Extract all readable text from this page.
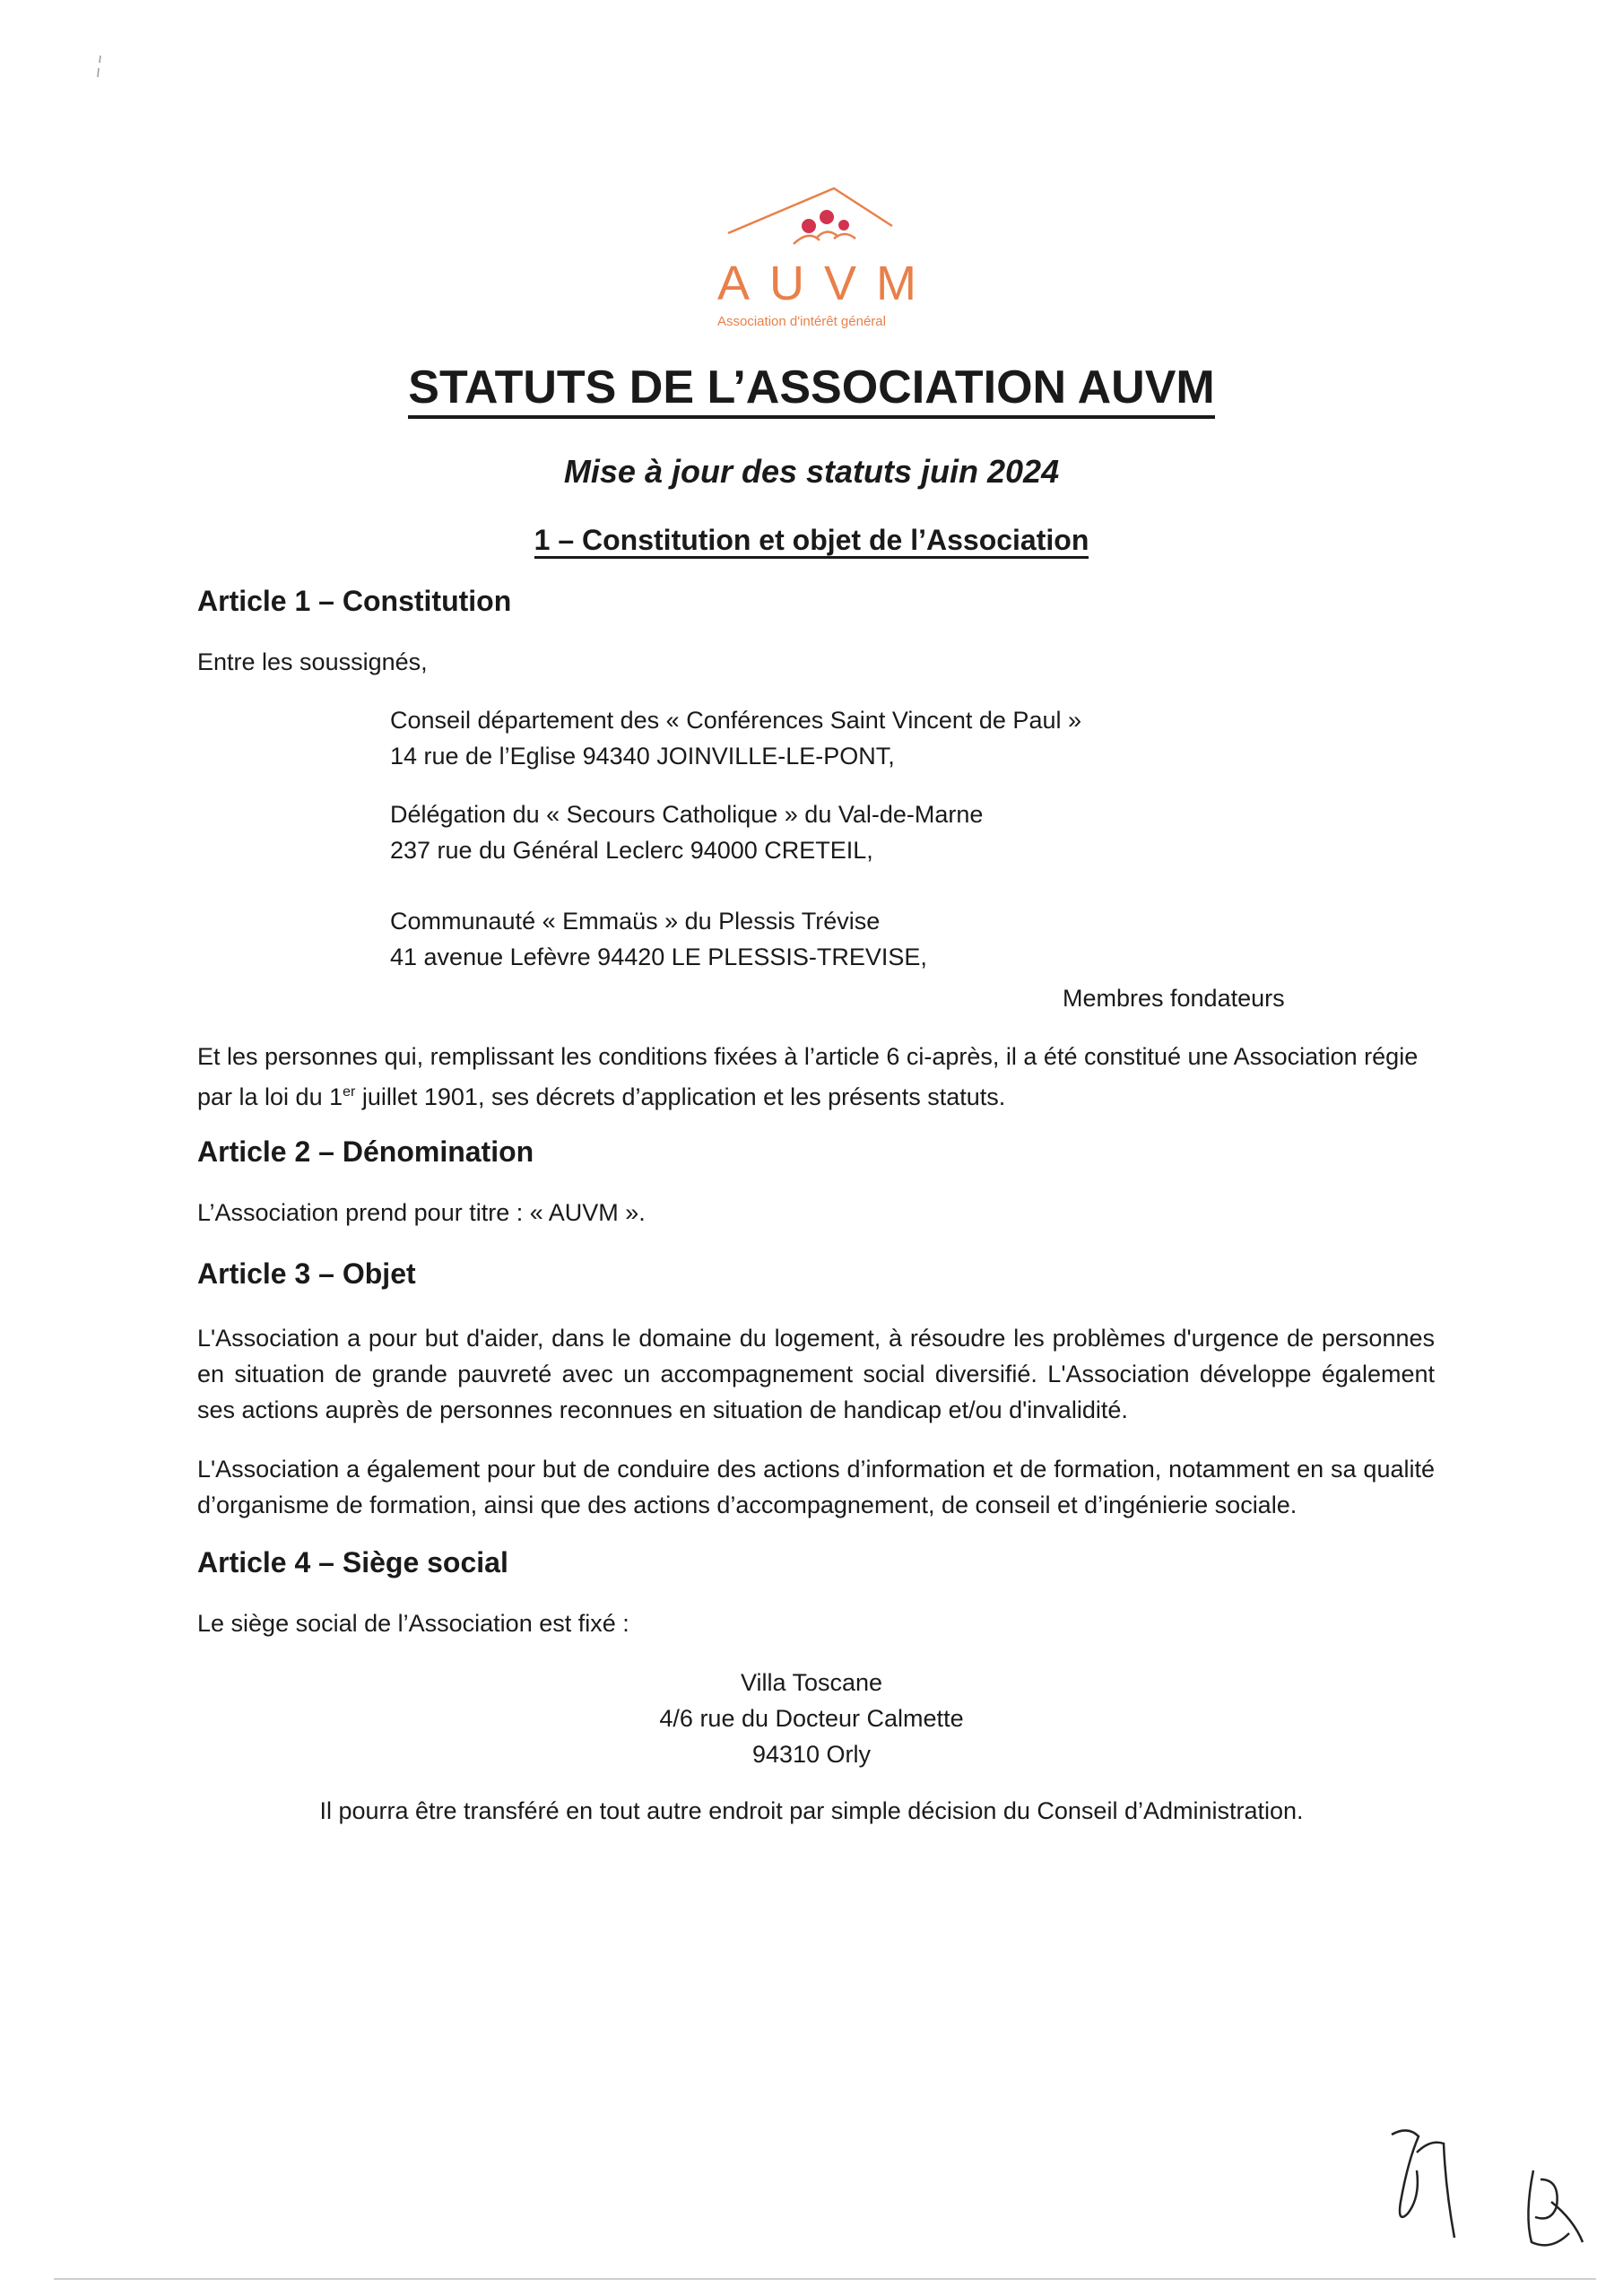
AUVM
Association d'intérêt général
STATUTS DE L’ASSOCIATION AUVM
Mise à jour des statuts juin 2024
1 – Constitution et objet de l’Association
Article 1 – Constitution
Entre les soussignés,
Conseil département des « Conférences Saint Vincent de Paul »
14 rue de l’Eglise 94340 JOINVILLE-LE-PONT,
Délégation du « Secours Catholique » du Val-de-Marne
237 rue du Général Leclerc 94000 CRETEIL,
Communauté « Emmaüs » du Plessis Trévise
41 avenue Lefèvre 94420 LE PLESSIS-TREVISE,
Membres fondateurs
Et les personnes qui, remplissant les conditions fixées à l’article 6 ci-après, il a été constitué une Association régie
par la loi du 1er juillet 1901, ses décrets d’application et les présents statuts.
Article 2 – Dénomination
L’Association prend pour titre : « AUVM ».
Article 3 – Objet
L'Association a pour but d'aider, dans le domaine du logement, à résoudre les problèmes d'urgence de personnes en situation de grande pauvreté avec un accompagnement social diversifié. L'Association développe également ses actions auprès de personnes reconnues en situation de handicap et/ou d'invalidité.
L'Association a également pour but de conduire des actions d’information et de formation, notamment en sa qualité d’organisme de formation, ainsi que des actions d’accompagnement, de conseil et d’ingénierie sociale.
Article 4 – Siège social
Le siège social de l’Association est fixé :
Villa Toscane
4/6 rue du Docteur Calmette
94310 Orly
Il pourra être transféré en tout autre endroit par simple décision du Conseil d’Administration.
